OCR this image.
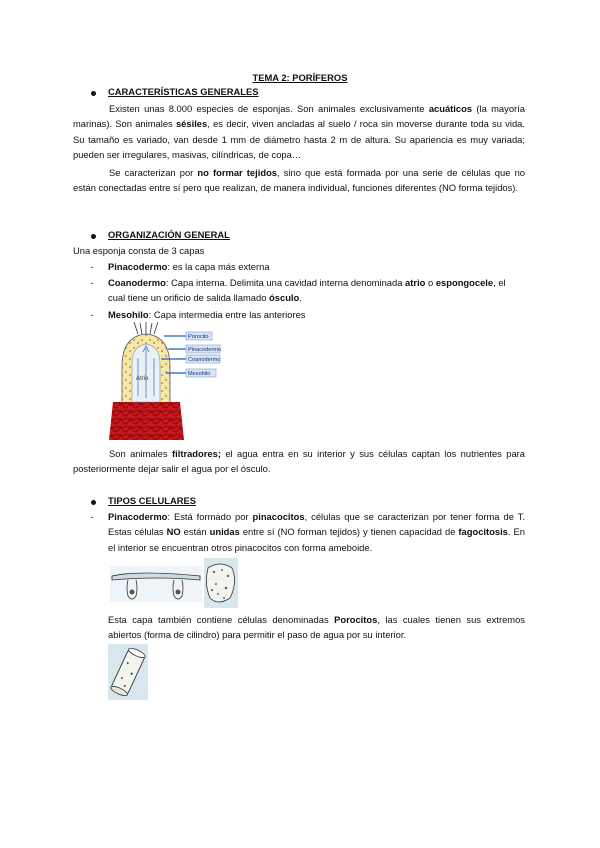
TEMA 2: PORÍFEROS
CARACTERÍSTICAS GENERALES
Existen unas 8.000 especies de esponjas. Son animales exclusivamente acuáticos (la mayoría marinas). Son animales sésiles, es decir, viven ancladas al suelo / roca sin moverse durante toda su vida. Su tamaño es variado, van desde 1 mm de diámetro hasta 2 m de altura. Su apariencia es muy variada; pueden ser irregulares, masivas, cilíndricas, de copa…
Se caracterizan por no formar tejidos, sino que está formada por una serie de células que no están conectadas entre sí pero que realizan, de manera individual, funciones diferentes (NO forma tejidos).
ORGANIZACIÓN GENERAL
Una esponja consta de 3 capas
- Pinacodermo: es la capa más externa
- Coanodermo: Capa interna. Delimita una cavidad interna denominada atrio o espongocele, el cual tiene un orificio de salida llamado ósculo.
- Mesohilo: Capa intermedia entre las anteriores
Atrio
Porocito
Pinacodermo
Coanodermo
Mesohilo
Son animales filtradores; el agua entra en su interior y sus células captan los nutrientes para posteriormente dejar salir el agua por el ósculo.
TIPOS CELULARES
- Pinacodermo: Está formado por pinacocitos, células que se caracterizan por tener forma de T. Estas células NO están unidas entre sí (NO forman tejidos) y tienen capacidad de fagocitosis. En el interior se encuentran otros pinacocitos con forma ameboide.
Esta capa también contiene células denominadas Porocitos, las cuales tienen sus extremos abiertos (forma de cilindro) para permitir el paso de agua por su interior.
